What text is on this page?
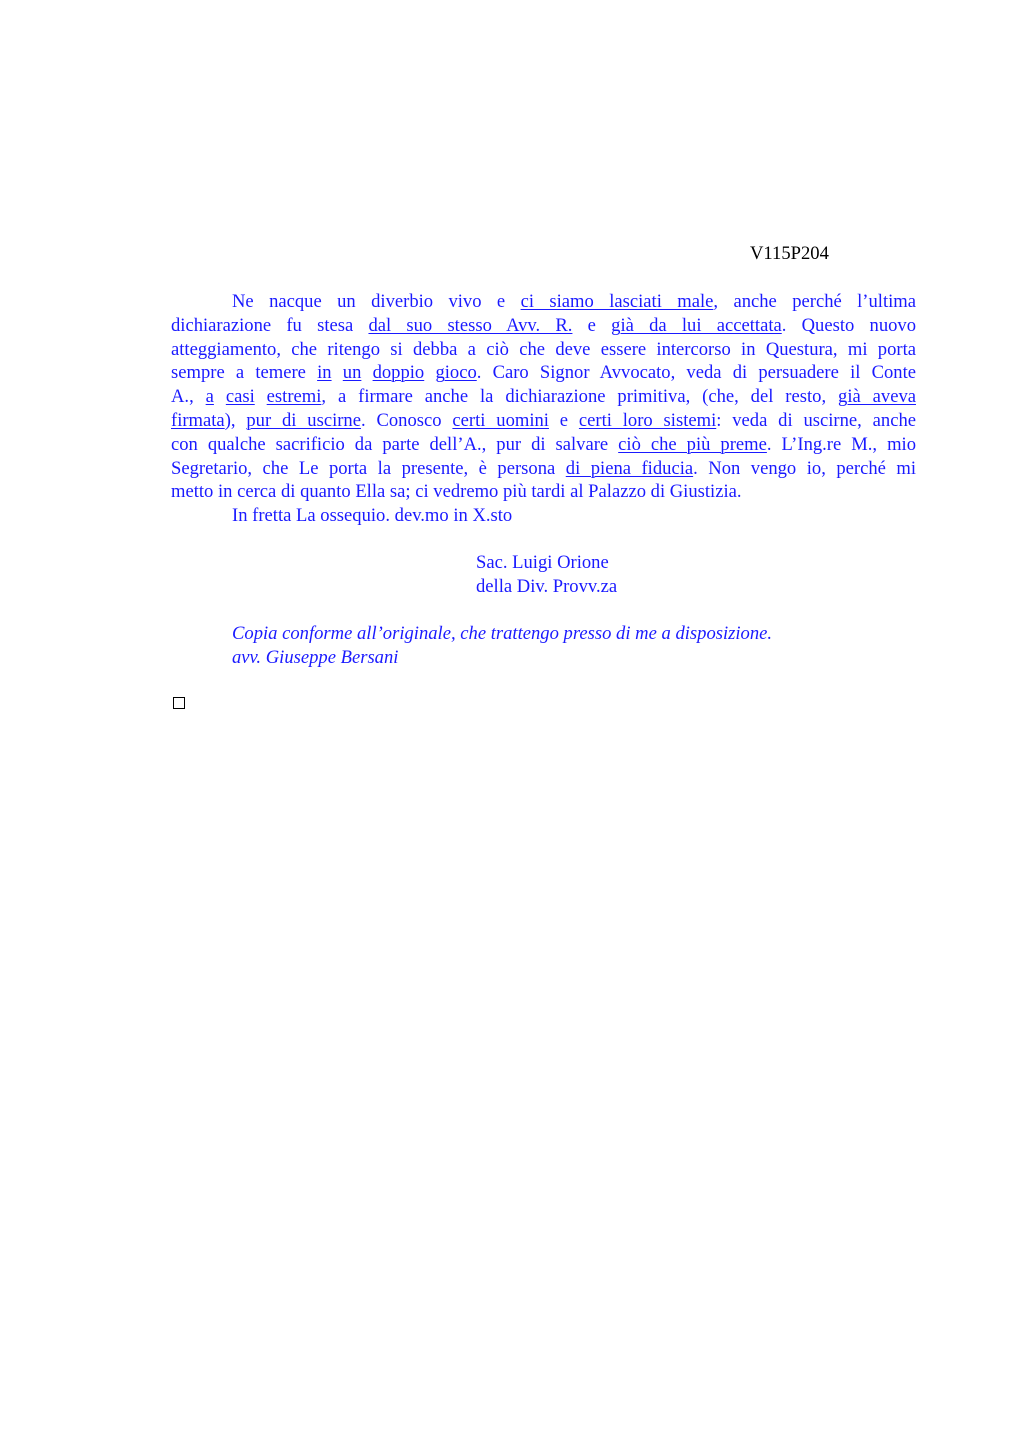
V115P204
Ne nacque un diverbio vivo e ci siamo lasciati male, anche perché l’ultima
dichiarazione fu stesa dal suo stesso Avv. R. e già da lui accettata. Questo nuovo
atteggiamento, che ritengo si debba a ciò che deve essere intercorso in Questura, mi porta
sempre a temere in un doppio gioco. Caro Signor Avvocato, veda di persuadere il Conte
A., a casi estremi, a firmare anche la dichiarazione primitiva, (che, del resto, già aveva
firmata), pur di uscirne. Conosco certi uomini e certi loro sistemi: veda di uscirne, anche
con qualche sacrificio da parte dell’A., pur di salvare ciò che più preme. L’Ing.re M., mio
Segretario, che Le porta la presente, è persona di piena fiducia. Non vengo io, perché mi
metto in cerca di quanto Ella sa; ci vedremo più tardi al Palazzo di Giustizia.
In fretta La ossequio. dev.mo in X.sto
Sac. Luigi Orione
della Div. Provv.za
Copia conforme all’originale, che trattengo presso di me a disposizione.
avv. Giuseppe Bersani
